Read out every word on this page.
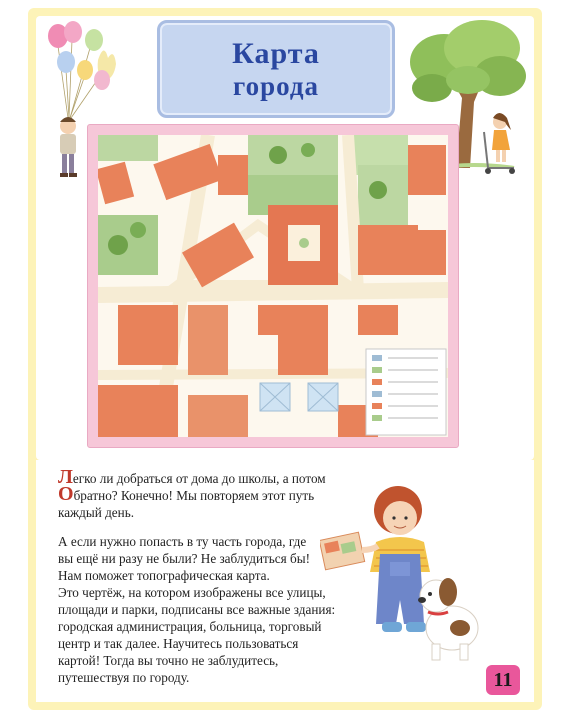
Карта
города

Легко ли добраться от дома до школы, а потом
Обратно? Конечно! Мы повторяем этот путь
каждый день.

А если нужно попасть в ту часть города, где
вы ещё ни разу не были? Не заблудиться бы!
Нам поможет топографическая карта.
Это чертёж, на котором изображены все улицы,
площади и парки, подписаны все важные здания:
городская администрация, больница, торговый
центр и так далее. Научитесь пользоваться
картой! Тогда вы точно не заблудитесь,
путешествуя по городу.	11
